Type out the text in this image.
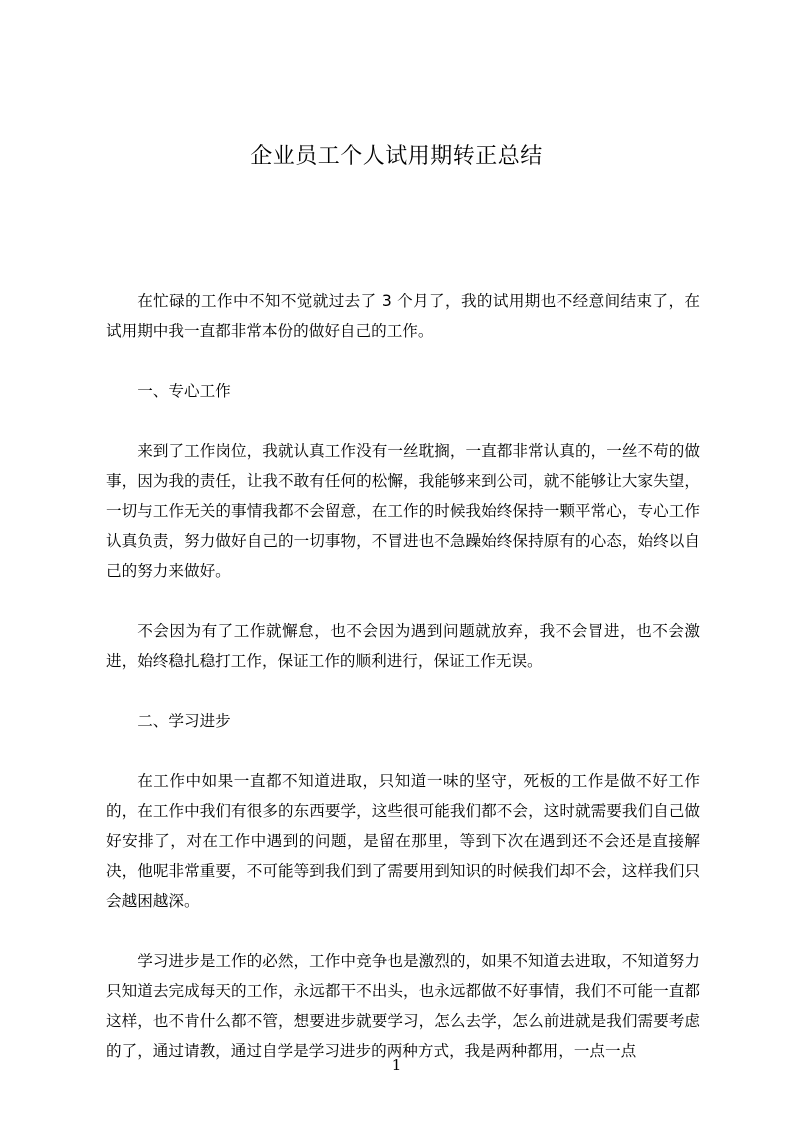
企业员工个人试用期转正总结

在忙碌的工作中不知不觉就过去了 3 个月了，我的试用期也不经意间结束了，在试用期中我一直都非常本份的做好自己的工作。

一、专心工作

来到了工作岗位，我就认真工作没有一丝耽搁，一直都非常认真的，一丝不苟的做事，因为我的责任，让我不敢有任何的松懈，我能够来到公司，就不能够让大家失望，一切与工作无关的事情我都不会留意，在工作的时候我始终保持一颗平常心，专心工作认真负责，努力做好自己的一切事物，不冒进也不急躁始终保持原有的心态，始终以自己的努力来做好。

不会因为有了工作就懈怠，也不会因为遇到问题就放弃，我不会冒进，也不会激进，始终稳扎稳打工作，保证工作的顺利进行，保证工作无误。

二、学习进步

在工作中如果一直都不知道进取，只知道一味的坚守，死板的工作是做不好工作的，在工作中我们有很多的东西要学，这些很可能我们都不会，这时就需要我们自己做好安排了，对在工作中遇到的问题，是留在那里，等到下次在遇到还不会还是直接解决，他呢非常重要，不可能等到我们到了需要用到知识的时候我们却不会，这样我们只会越困越深。

学习进步是工作的必然，工作中竞争也是激烈的，如果不知道去进取，不知道努力只知道去完成每天的工作，永远都干不出头，也永远都做不好事情，我们不可能一直都这样，也不肯什么都不管，想要进步就要学习，怎么去学，怎么前进就是我们需要考虑的了，通过请教，通过自学是学习进步的两种方式，我是两种都用，一点一点

1
